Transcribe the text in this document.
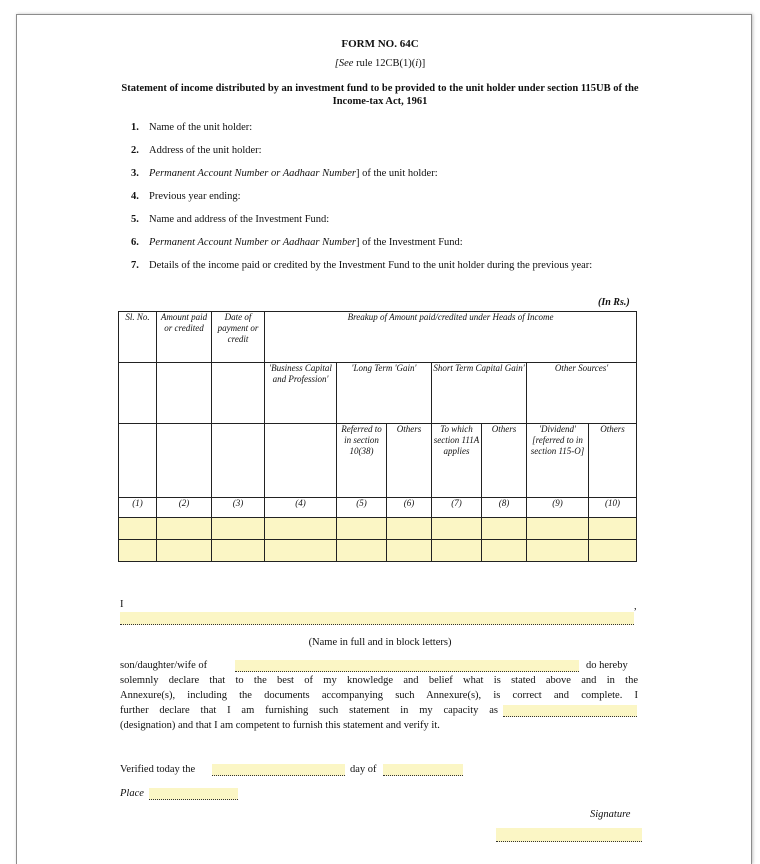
FORM NO. 64C
[See rule 12CB(1)(i)]
Statement of income distributed by an investment fund to be provided to the unit holder under section 115UB of the Income-tax Act, 1961
1. Name of the unit holder:
2. Address of the unit holder:
3. Permanent Account Number or Aadhaar Number] of the unit holder:
4. Previous year ending:
5. Name and address of the Investment Fund:
6. Permanent Account Number or Aadhaar Number] of the Investment Fund:
7. Details of the income paid or credited by the Investment Fund to the unit holder during the previous year:
(In Rs.)
Sl. No.	Amount paid or credited	Date of payment or credit	Breakup of Amount paid/credited under Heads of Income						
			'Business Capital and Profession'	'Long Term 'Gain'		Short Term Capital Gain'		Other Sources'	
				Referred to in section 10(38)	Others	To which section 111A applies	Others	'Dividend' [referred to in section 115-O]	Others
(1)	(2)	(3)	(4)	(5)	(6)	(7)	(8)	(9)	(10)

I	,
(Name in full and in block letters)
son/daughter/wife of	do hereby
solemnly declare that to the best of my knowledge and belief what is stated above and in the
Annexure(s), including the documents accompanying such Annexure(s), is correct and complete. I
further declare that I am furnishing such statement in my capacity as
(designation) and that I am competent to furnish this statement and verify it.
Verified today the	day of
Place
Signature
